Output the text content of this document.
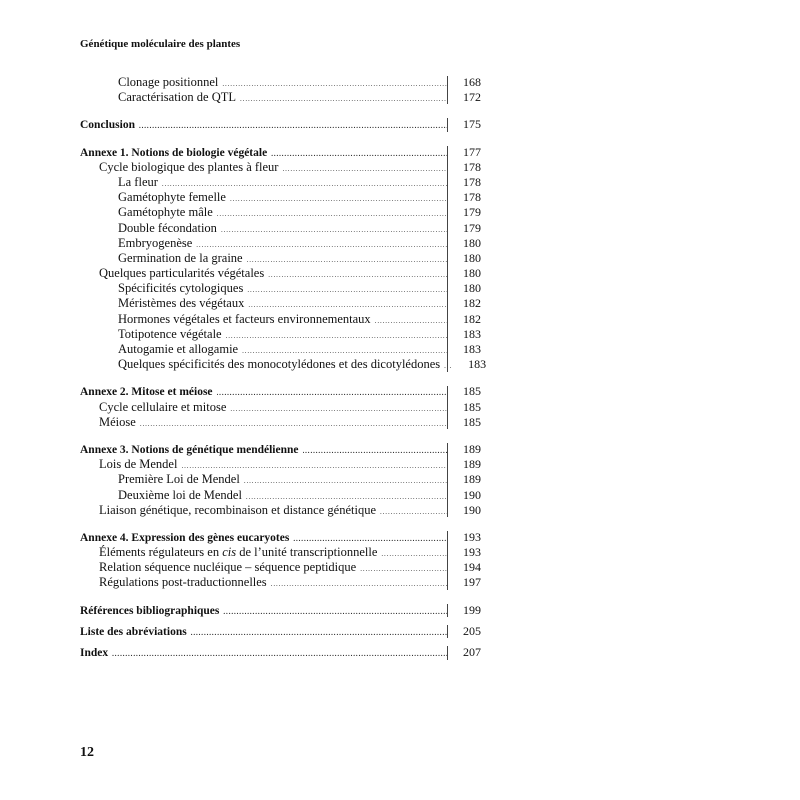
Génétique moléculaire des plantes
Clonage positionnel .....	168
Caractérisation de QTL .....	172
Conclusion .....	175
Annexe 1. Notions de biologie végétale .....	177
Cycle biologique des plantes à fleur .....	178
La fleur .....	178
Gamétophyte femelle .....	178
Gamétophyte mâle .....	179
Double fécondation .....	179
Embryogenèse .....	180
Germination de la graine .....	180
Quelques particularités végétales .....	180
Spécificités cytologiques .....	180
Méristèmes des végétaux .....	182
Hormones végétales et facteurs environnementaux .....	182
Totipotence végétale .....	183
Autogamie et allogamie .....	183
Quelques spécificités des monocotylédones et des dicotylédones .....	183
Annexe 2. Mitose et méiose .....	185
Cycle cellulaire et mitose .....	185
Méiose .....	185
Annexe 3. Notions de génétique mendélienne .....	189
Lois de Mendel .....	189
Première Loi de Mendel .....	189
Deuxième loi de Mendel .....	190
Liaison génétique, recombinaison et distance génétique .....	190
Annexe 4. Expression des gènes eucaryotes .....	193
Éléments régulateurs en cis de l’unité transcriptionnelle .....	193
Relation séquence nucléique – séquence peptidique .....	194
Régulations post-traductionnelles .....	197
Références bibliographiques .....	199
Liste des abréviations .....	205
Index .....	207
12
